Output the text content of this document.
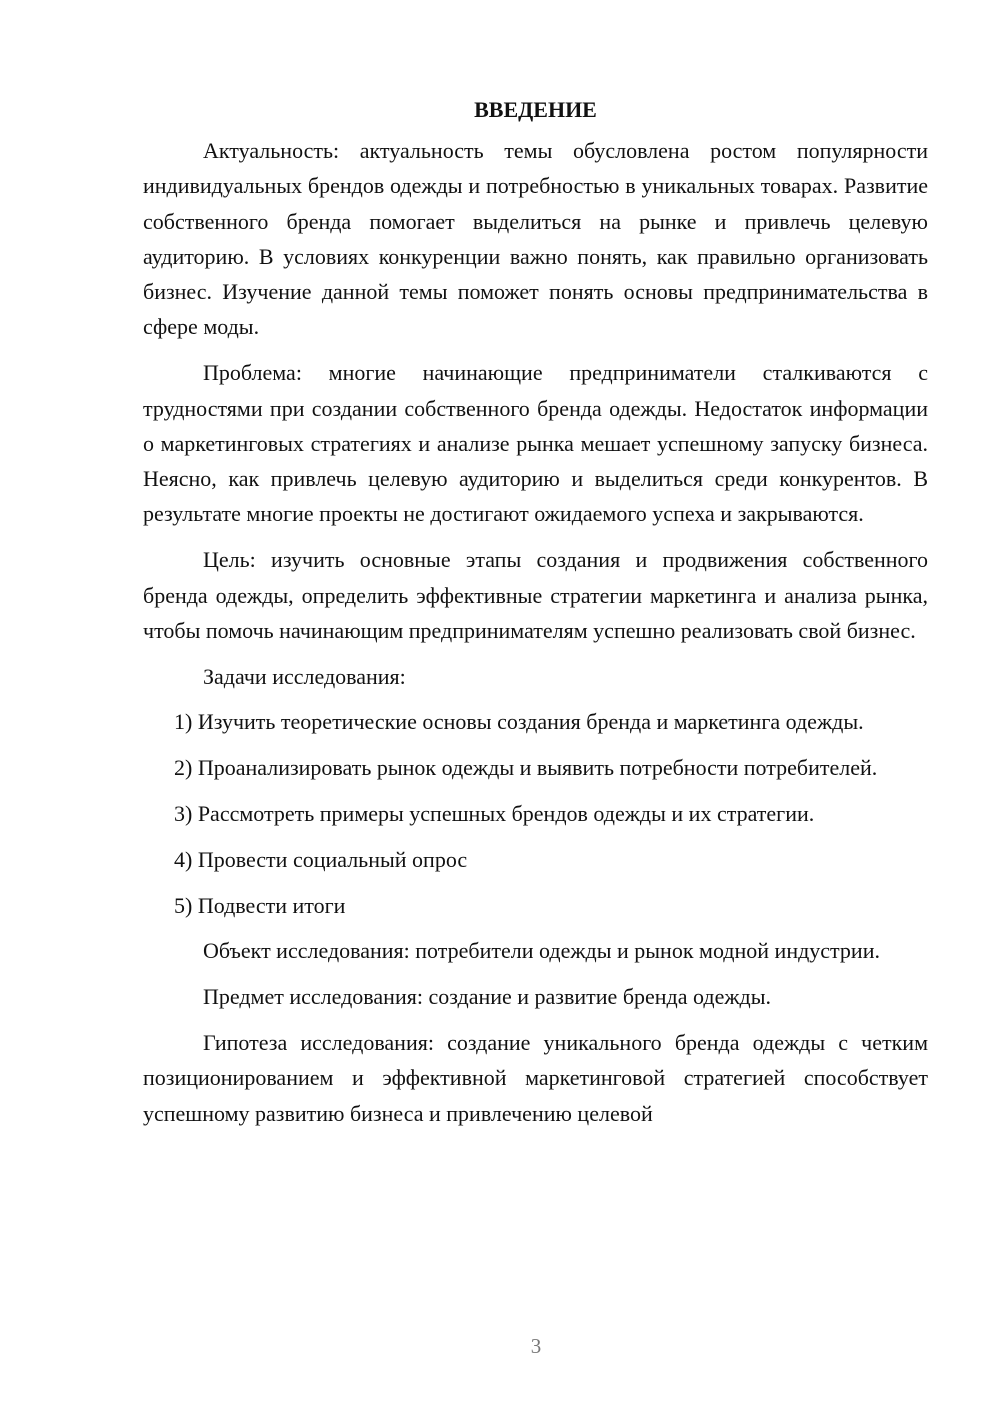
ВВЕДЕНИЕ

Актуальность: актуальность темы обусловлена ростом популярности индивидуальных брендов одежды и потребностью в уникальных товарах. Развитие собственного бренда помогает выделиться на рынке и привлечь целевую аудиторию. В условиях конкуренции важно понять, как правильно организовать бизнес. Изучение данной темы поможет понять основы предпринимательства в сфере моды.

Проблема: многие начинающие предприниматели сталкиваются с трудностями при создании собственного бренда одежды. Недостаток информации о маркетинговых стратегиях и анализе рынка мешает успешному запуску бизнеса. Неясно, как привлечь целевую аудиторию и выделиться среди конкурентов. В результате многие проекты не достигают ожидаемого успеха и закрываются.

Цель: изучить основные этапы создания и продвижения собственного бренда одежды, определить эффективные стратегии маркетинга и анализа рынка, чтобы помочь начинающим предпринимателям успешно реализовать свой бизнес.

Задачи исследования:

1) Изучить теоретические основы создания бренда и маркетинга одежды.

2) Проанализировать рынок одежды и выявить потребности потребителей.

3) Рассмотреть примеры успешных брендов одежды и их стратегии.

4) Провести социальный опрос

5) Подвести итоги

Объект исследования: потребители одежды и рынок модной индустрии.

Предмет исследования: создание и развитие бренда одежды.

Гипотеза исследования: создание уникального бренда одежды с четким позиционированием и эффективной маркетинговой стратегией способствует успешному развитию бизнеса и привлечению целевой

3
